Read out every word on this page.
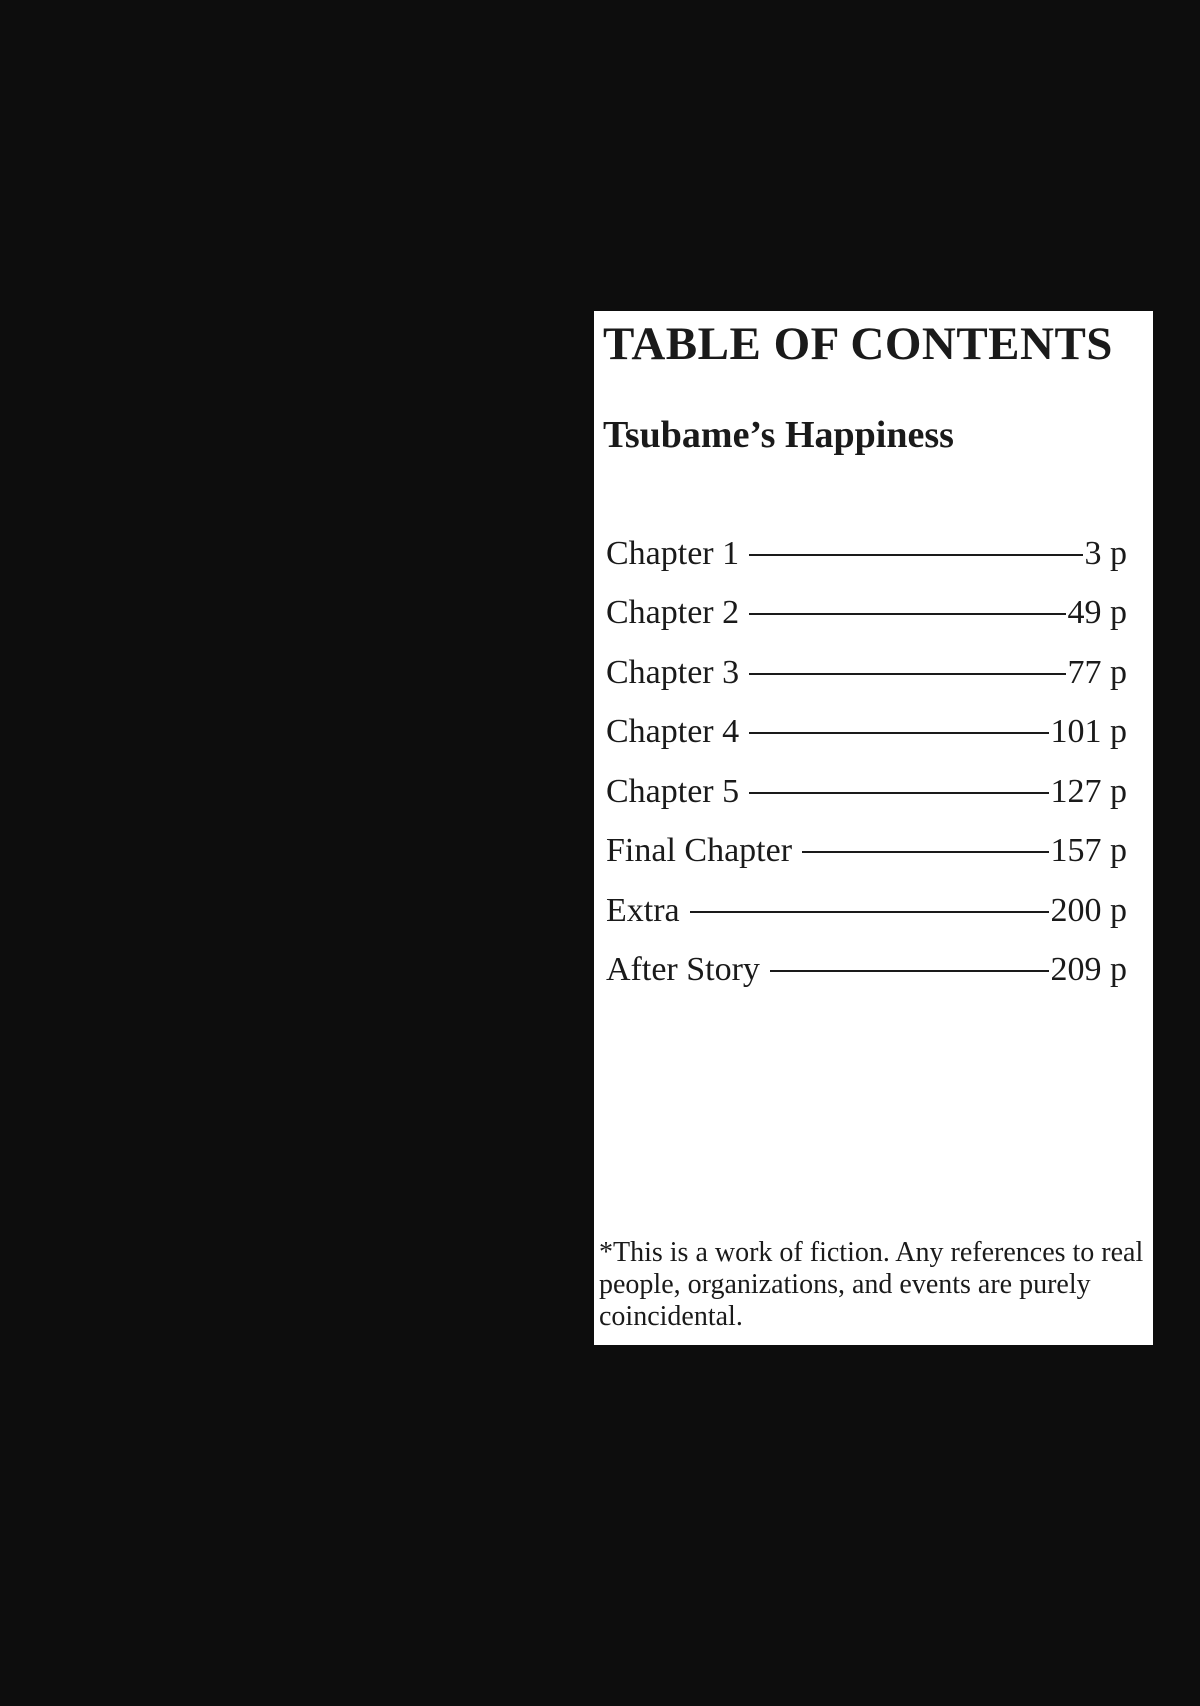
TABLE OF CONTENTS
Tsubame’s Happiness
Chapter 1	3 p
Chapter 2	49 p
Chapter 3	77 p
Chapter 4	101 p
Chapter 5	127 p
Final Chapter	157 p
Extra	200 p
After Story	209 p

*This is a work of fiction. Any references to real people, organizations, and events are purely coincidental.
